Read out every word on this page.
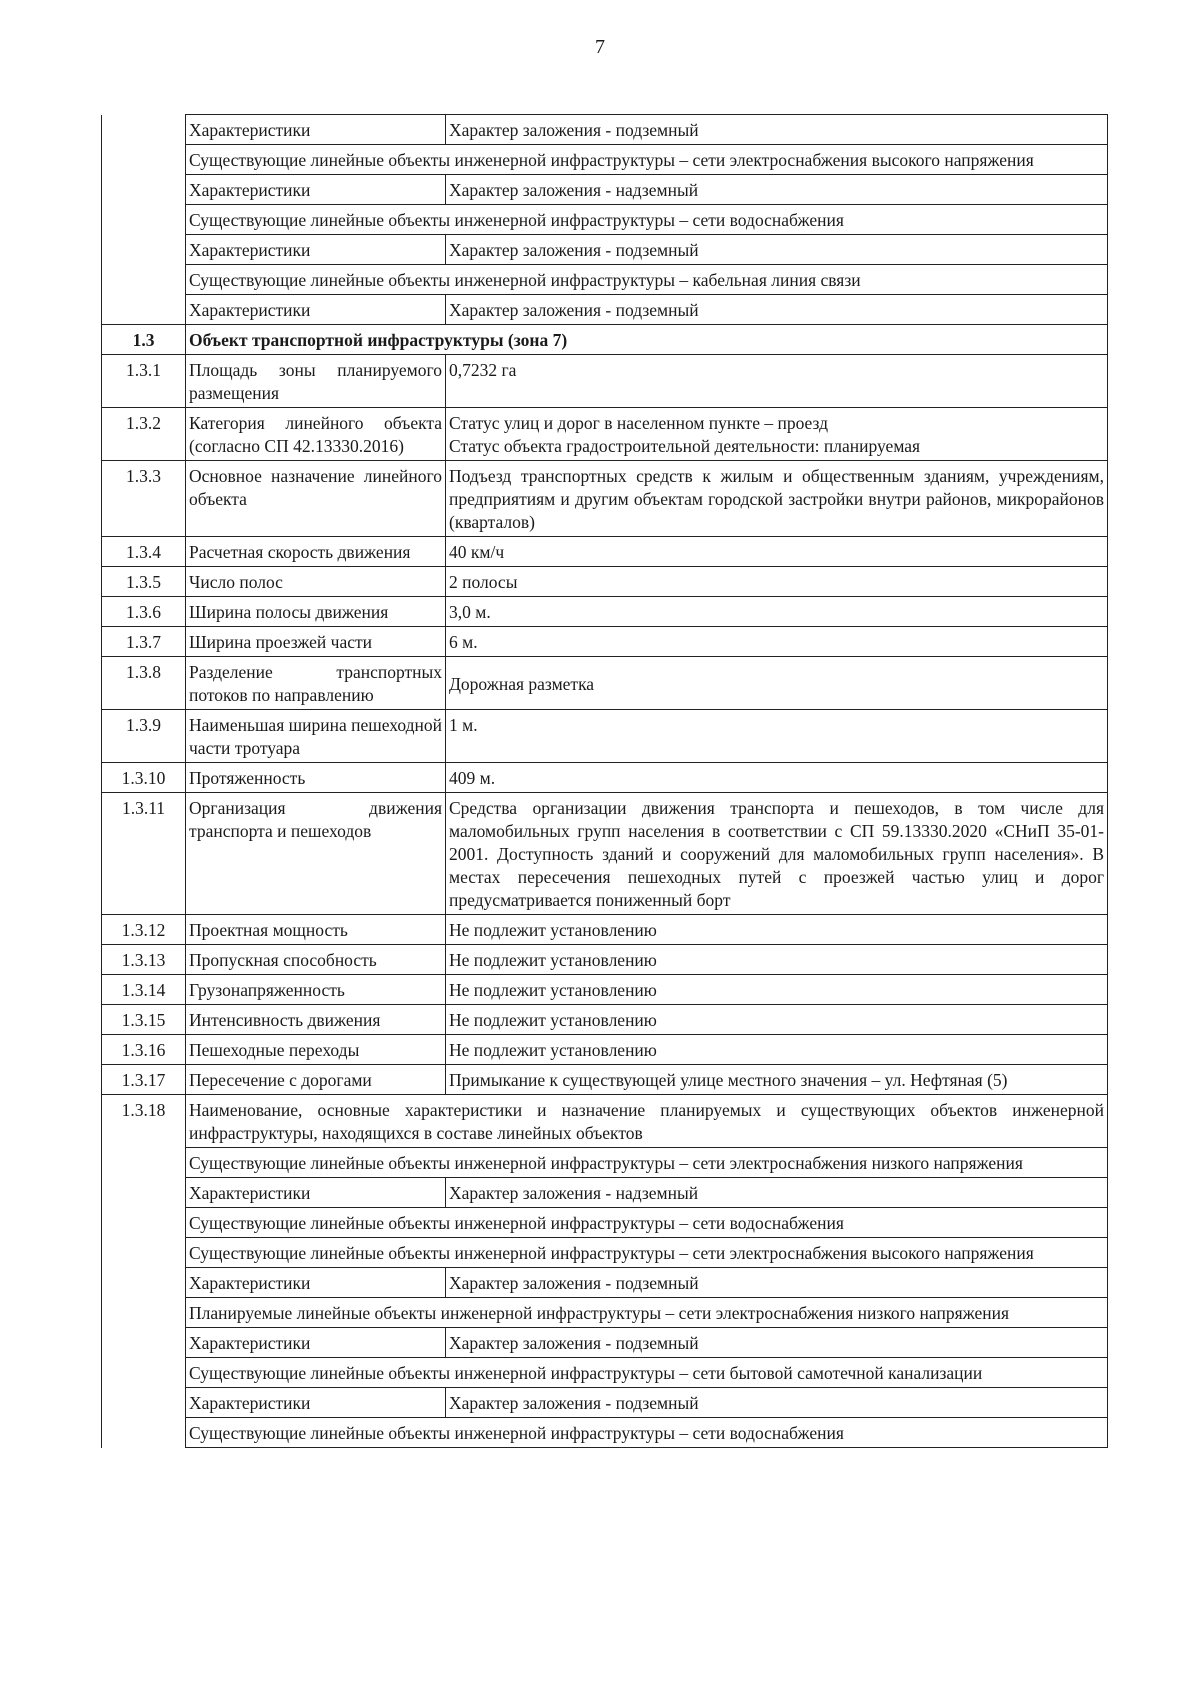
7
	Характеристики	Характер заложения - подземный
	Существующие линейные объекты инженерной инфраструктуры – сети электроснабжения высокого напряжения	
	Характеристики	Характер заложения - надземный
	Существующие линейные объекты инженерной инфраструктуры – сети водоснабжения	
	Характеристики	Характер заложения - подземный
	Существующие линейные объекты инженерной инфраструктуры – кабельная линия связи	
	Характеристики	Характер заложения - подземный
1.3	Объект транспортной инфраструктуры (зона 7)	
1.3.1	Площадь зоны планируемого размещения	0,7232 га
1.3.2	Категория линейного объекта (согласно СП 42.13330.2016)	Статус улиц и дорог в населенном пункте – проезд
Статус объекта градостроительной деятельности: планируемая
1.3.3	Основное назначение линейного объекта	Подъезд транспортных средств к жилым и общественным зданиям, учреждениям, предприятиям и другим объектам городской застройки внутри районов, микрорайонов (кварталов)
1.3.4	Расчетная скорость движения	40 км/ч
1.3.5	Число полос	2 полосы
1.3.6	Ширина полосы движения	3,0 м.
1.3.7	Ширина проезжей части	6 м.
1.3.8	Разделение транспортных потоков по направлению	Дорожная разметка
1.3.9	Наименьшая ширина пешеходной части тротуара	1 м.
1.3.10	Протяженность	409 м.
1.3.11	Организация движения транспорта и пешеходов	Средства организации движения транспорта и пешеходов, в том числе для маломобильных групп населения в соответствии с СП 59.13330.2020 «СНиП 35-01-2001. Доступность зданий и сооружений для маломобильных групп населения». В местах пересечения пешеходных путей с проезжей частью улиц и дорог предусматривается пониженный борт
1.3.12	Проектная мощность	Не подлежит установлению
1.3.13	Пропускная способность	Не подлежит установлению
1.3.14	Грузонапряженность	Не подлежит установлению
1.3.15	Интенсивность движения	Не подлежит установлению
1.3.16	Пешеходные переходы	Не подлежит установлению
1.3.17	Пересечение с дорогами	Примыкание к существующей улице местного значения – ул. Нефтяная (5)
1.3.18	Наименование, основные характеристики и назначение планируемых и существующих объектов инженерной инфраструктуры, находящихся в составе линейных объектов	
	Существующие линейные объекты инженерной инфраструктуры – сети электроснабжения низкого напряжения	
	Характеристики	Характер заложения - надземный
	Существующие линейные объекты инженерной инфраструктуры – сети водоснабжения	
	Существующие линейные объекты инженерной инфраструктуры – сети электроснабжения высокого напряжения	
	Характеристики	Характер заложения - подземный
	Планируемые линейные объекты инженерной инфраструктуры – сети электроснабжения низкого напряжения	
	Характеристики	Характер заложения - подземный
	Существующие линейные объекты инженерной инфраструктуры – сети бытовой самотечной канализации	
	Характеристики	Характер заложения - подземный
	Существующие линейные объекты инженерной инфраструктуры – сети водоснабжения	
